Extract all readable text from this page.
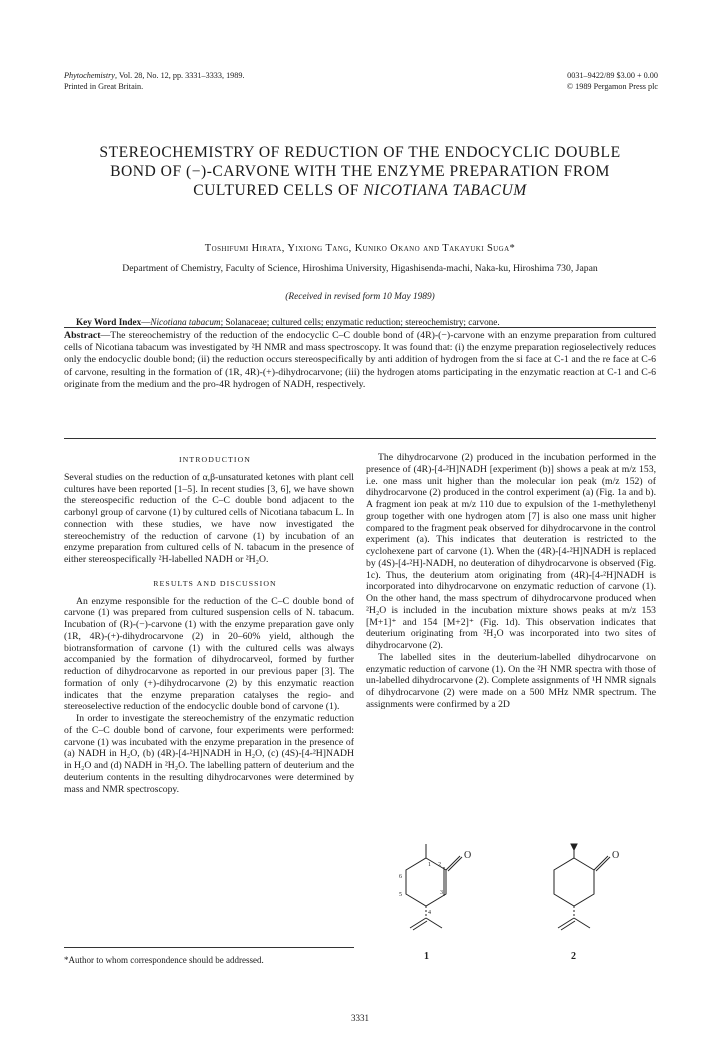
Phytochemistry, Vol. 28, No. 12, pp. 3331–3333, 1989.
Printed in Great Britain.
0031–9422/89 $3.00 + 0.00
© 1989 Pergamon Press plc
STEREOCHEMISTRY OF REDUCTION OF THE ENDOCYCLIC DOUBLE
BOND OF (−)-CARVONE WITH THE ENZYME PREPARATION FROM
CULTURED CELLS OF NICOTIANA TABACUM
Toshifumi Hirata, Yixiong Tang, Kuniko Okano and Takayuki Suga*
Department of Chemistry, Faculty of Science, Hiroshima University, Higashisenda-machi, Naka-ku, Hiroshima 730, Japan
(Received in revised form 10 May 1989)
Key Word Index—Nicotiana tabacum; Solanaceae; cultured cells; enzymatic reduction; stereochemistry; carvone.
Abstract—The stereochemistry of the reduction of the endocyclic C–C double bond of (4R)-(−)-carvone with an enzyme preparation from cultured cells of Nicotiana tabacum was investigated by ²H NMR and mass spectroscopy. It was found that: (i) the enzyme preparation regioselectively reduces only the endocyclic double bond; (ii) the reduction occurs stereospecifically by anti addition of hydrogen from the si face at C-1 and the re face at C-6 of carvone, resulting in the formation of (1R, 4R)-(+)-dihydrocarvone; (iii) the hydrogen atoms participating in the enzymatic reaction at C-1 and C-6 originate from the medium and the pro-4R hydrogen of NADH, respectively.

INTRODUCTION

Several studies on the reduction of α,β-unsaturated ketones with plant cell cultures have been reported [1–5]. In recent studies [3, 6], we have shown the stereospecific reduction of the C–C double bond adjacent to the carbonyl group of carvone (1) by cultured cells of Nicotiana tabacum L. In connection with these studies, we have now investigated the stereochemistry of the reduction of carvone (1) by incubation of an enzyme preparation from cultured cells of N. tabacum in the presence of either stereospecifically ²H-labelled NADH or ²H₂O.

RESULTS AND DISCUSSION

An enzyme responsible for the reduction of the C–C double bond of carvone (1) was prepared from cultured suspension cells of N. tabacum. Incubation of (R)-(−)-carvone (1) with the enzyme preparation gave only (1R, 4R)-(+)-dihydrocarvone (2) in 20–60% yield, although the biotransformation of carvone (1) with the cultured cells was always accompanied by the formation of dihydrocarveol, formed by further reduction of dihydrocarvone as reported in our previous paper [3]. The formation of only (+)-dihydrocarvone (2) by this enzymatic reaction indicates that the enzyme preparation catalyses the regio- and stereoselective reduction of the endocyclic double bond of carvone (1).

In order to investigate the stereochemistry of the enzymatic reduction of the C–C double bond of carvone, four experiments were performed: carvone (1) was incubated with the enzyme preparation in the presence of (a) NADH in H₂O, (b) (4R)-[4-²H]NADH in H₂O, (c) (4S)-[4-²H]NADH in H₂O and (d) NADH in ²H₂O. The labelling pattern of deuterium and the deuterium contents in the resulting dihydrocarvones were determined by mass and NMR spectroscopy.

The dihydrocarvone (2) produced in the incubation performed in the presence of (4R)-[4-²H]NADH [experiment (b)] shows a peak at m/z 153, i.e. one mass unit higher than the molecular ion peak (m/z 152) of dihydrocarvone (2) produced in the control experiment (a) (Fig. 1a and b). A fragment ion peak at m/z 110 due to expulsion of the 1-methylethenyl group together with one hydrogen atom [7] is also one mass unit higher compared to the fragment peak observed for dihydrocarvone in the control experiment (a). This indicates that deuteration is restricted to the cyclohexene part of carvone (1). When the (4R)-[4-²H]NADH is replaced by (4S)-[4-²H]-NADH, no deuteration of dihydrocarvone is observed (Fig. 1c). Thus, the deuterium atom originating from (4R)-[4-²H]NADH is incorporated into dihydrocarvone on enzymatic reduction of carvone (1). On the other hand, the mass spectrum of dihydrocarvone produced when ²H₂O is included in the incubation mixture shows peaks at m/z 153 [M+1]⁺ and 154 [M+2]⁺ (Fig. 1d). This observation indicates that deuterium originating from ²H₂O was incorporated into two sites of dihydrocarvone (2).

The labelled sites in the deuterium-labelled dihydrocarvone on enzymatic reduction of carvone (1). On the ²H NMR spectra with those of un-labelled dihydrocarvone (2). Complete assignments of ¹H NMR signals of dihydrocarvone (2) were made on a 500 MHz NMR spectrum. The assignments were confirmed by a 2D

O
1 2
3
4
5
6
1
O
2
*Author to whom correspondence should be addressed.
3331
